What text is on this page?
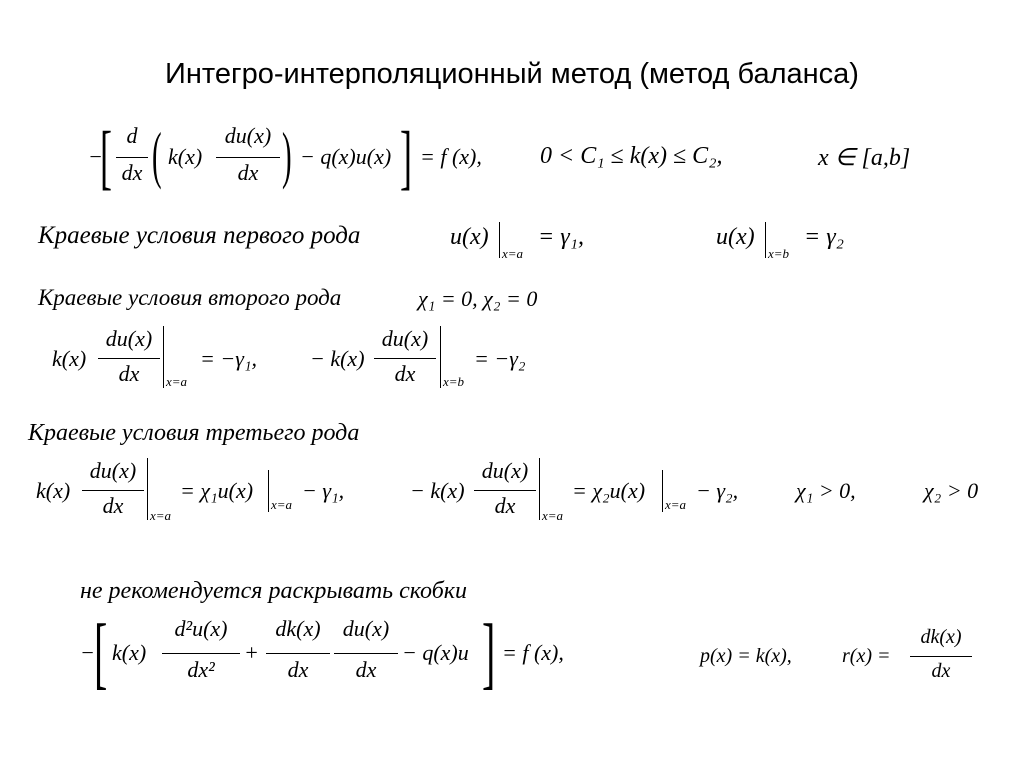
Интегро-интерполяционный метод (метод баланса)
−
[ d
dx ( k(x)
du(x)
dx ) − q(x)u(x) ] = f (x), 0 < C₁ ≤ k(x) ≤ C₂,	x ∈ [a,b]
Краевые условия первого рода	u(x)
x=a
= γ₁,	u(x)
x=b
= γ₂
Краевые условия второго рода	χ₁ = 0, χ₂ = 0
k(x)
du(x)
dx	x=a
= −γ₁, − k(x)
du(x)
dx	x=b
= −γ₂
Краевые условия третьего рода
k(x)
du(x)
dx	x=a
= χ₁u(x)
x=a
− γ₁,	− k(x)
du(x)
dx	x=a
= χ₂u(x)
x=a
− γ₂,	χ₁ > 0,	χ₂ > 0
не рекомендуется раскрывать скобки
− [ k(x)
d²u(x)
dx²
+
dk(x)
dx
du(x)
dx
− q(x)u ] = f (x),	p(x) = k(x),	r(x) =
dk(x)
dx
